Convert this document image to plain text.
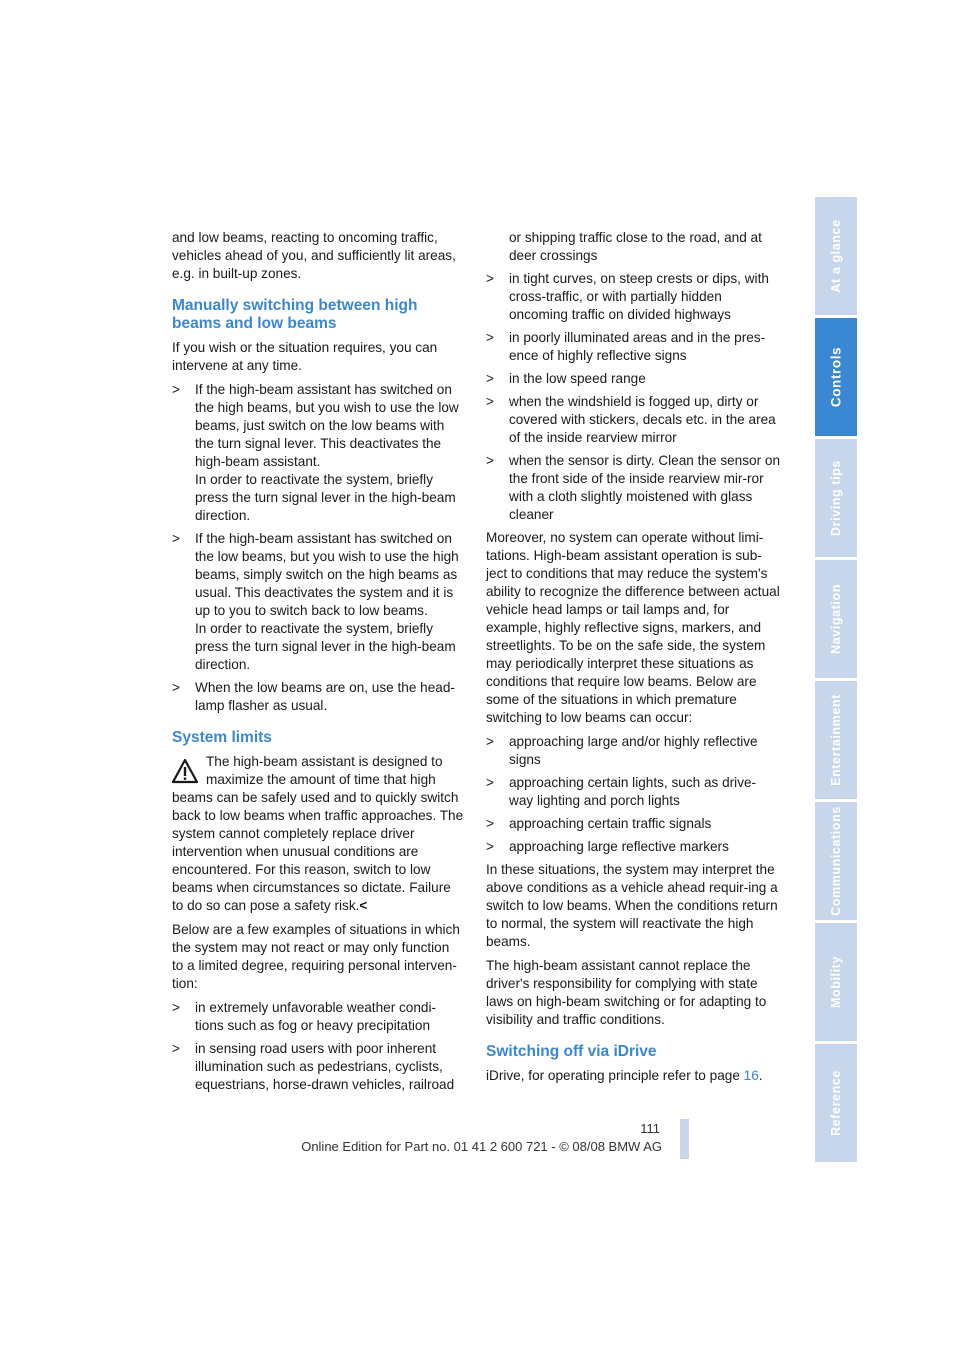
and low beams, reacting to oncoming traffic, vehicles ahead of you, and sufficiently lit areas, e.g. in built-up zones.

Manually switching between high beams and low beams

If you wish or the situation requires, you can intervene at any time.

> If the high-beam assistant has switched on the high beams, but you wish to use the low beams, just switch on the low beams with the turn signal lever. This deactivates the high-beam assistant.
In order to reactivate the system, briefly press the turn signal lever in the high-beam direction.
> If the high-beam assistant has switched on the low beams, but you wish to use the high beams, simply switch on the high beams as usual. This deactivates the system and it is up to you to switch back to low beams.
In order to reactivate the system, briefly press the turn signal lever in the high-beam direction.
> When the low beams are on, use the head-lamp flasher as usual.
System limits
The high-beam assistant is designed to maximize the amount of time that high beams can be safely used and to quickly switch back to low beams when traffic approaches. The system cannot completely replace driver intervention when unusual conditions are encountered. For this reason, switch to low beams when circumstances so dictate. Failure to do so can pose a safety risk.<

Below are a few examples of situations in which the system may not react or may only function to a limited degree, requiring personal interven-tion:

> in extremely unfavorable weather condi-tions such as fog or heavy precipitation
> in sensing road users with poor inherent illumination such as pedestrians, cyclists, equestrians, horse-drawn vehicles, railroad
or shipping traffic close to the road, and at deer crossings
> in tight curves, on steep crests or dips, with cross-traffic, or with partially hidden oncoming traffic on divided highways
> in poorly illuminated areas and in the pres-ence of highly reflective signs
> in the low speed range
> when the windshield is fogged up, dirty or covered with stickers, decals etc. in the area of the inside rearview mirror
> when the sensor is dirty. Clean the sensor on the front side of the inside rearview mir-ror with a cloth slightly moistened with glass cleaner

Moreover, no system can operate without limi-tations. High-beam assistant operation is sub-ject to conditions that may reduce the system's ability to recognize the difference between actual vehicle head lamps or tail lamps and, for example, highly reflective signs, markers, and streetlights. To be on the safe side, the system may periodically interpret these situations as conditions that require low beams. Below are some of the situations in which premature switching to low beams can occur:

> approaching large and/or highly reflective signs
> approaching certain lights, such as drive-way lighting and porch lights
> approaching certain traffic signals
> approaching large reflective markers

In these situations, the system may interpret the above conditions as a vehicle ahead requir-ing a switch to low beams. When the conditions return to normal, the system will reactivate the high beams.

The high-beam assistant cannot replace the driver's responsibility for complying with state laws on high-beam switching or for adapting to visibility and traffic conditions.

Switching off via iDrive

iDrive, for operating principle refer to page 16.

111
Online Edition for Part no. 01 41 2 600 721 - © 08/08 BMW AG
At a glance
Controls
Driving tips
Navigation
Entertainment
Communications
Mobility
Reference
